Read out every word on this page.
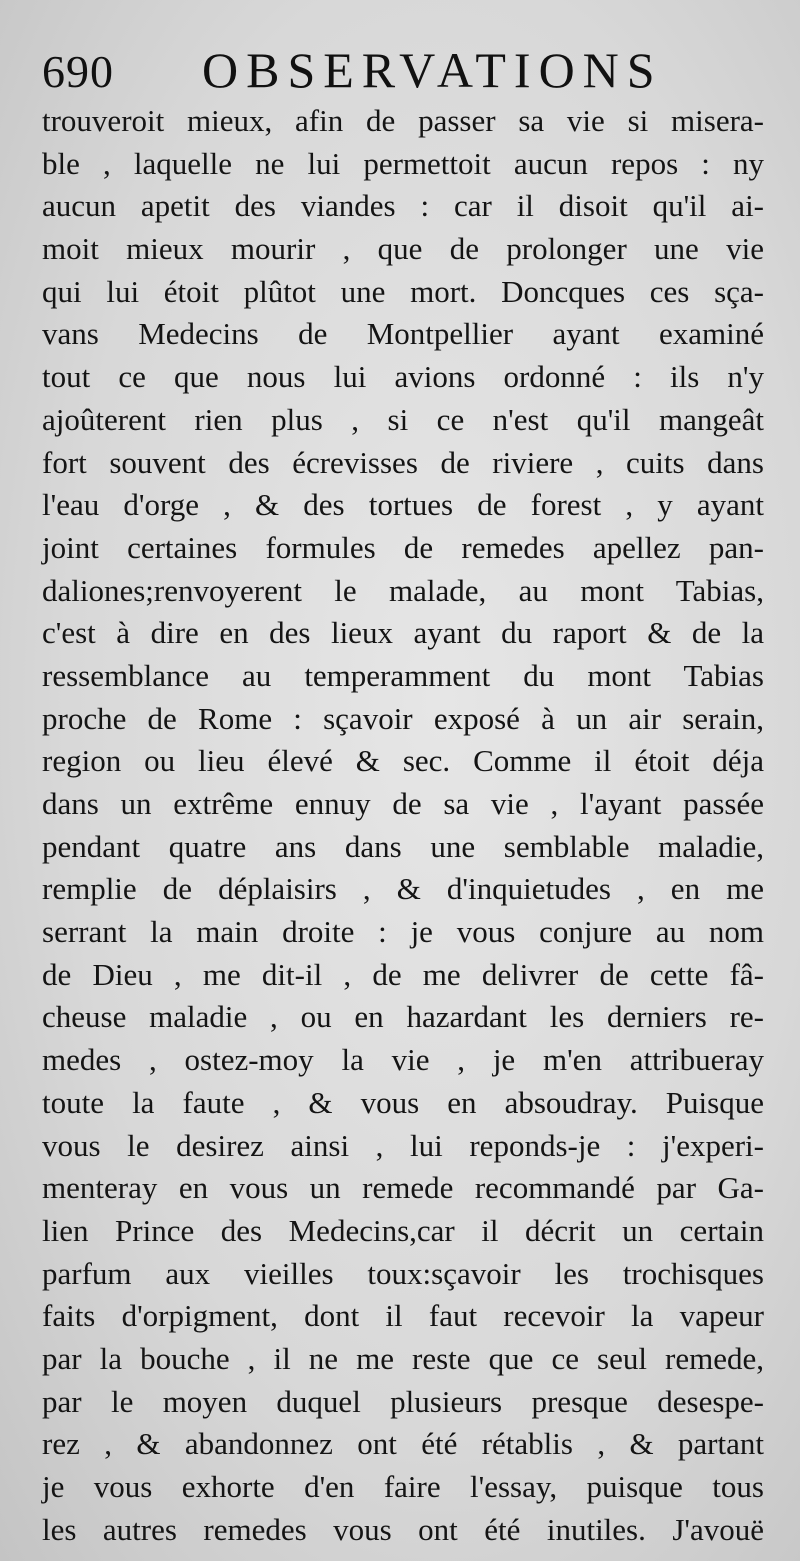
690 OBSERVATIONS
trouveroit mieux, afin de passer sa vie si misera-
ble , laquelle ne lui permettoit aucun repos : ny
aucun apetit des viandes : car il disoit qu'il ai-
moit mieux mourir , que de prolonger une vie
qui lui étoit plûtot une mort. Doncques ces sça-
vans Medecins de Montpellier ayant examiné
tout ce que nous lui avions ordonné : ils n'y
ajoûterent rien plus , si ce n'est qu'il mangeât
fort souvent des écrevisses de riviere , cuits dans
l'eau d'orge , & des tortues de forest , y ayant
joint certaines formules de remedes apellez pan-
daliones;renvoyerent le malade, au mont Tabias,
c'est à dire en des lieux ayant du raport & de la
ressemblance au temperamment du mont Tabias
proche de Rome : sçavoir exposé à un air serain,
region ou lieu élevé & sec. Comme il étoit déja
dans un extrême ennuy de sa vie , l'ayant passée
pendant quatre ans dans une semblable maladie,
remplie de déplaisirs , & d'inquietudes , en me
serrant la main droite : je vous conjure au nom
de Dieu , me dit-il , de me delivrer de cette fâ-
cheuse maladie , ou en hazardant les derniers re-
medes , ostez-moy la vie , je m'en attribueray
toute la faute , & vous en absoudray. Puisque
vous le desirez ainsi , lui reponds-je : j'experi-
menteray en vous un remede recommandé par Ga-
lien Prince des Medecins,car il décrit un certain
parfum aux vieilles toux:sçavoir les trochisques
faits d'orpigment, dont il faut recevoir la vapeur
par la bouche , il ne me reste que ce seul remede,
par le moyen duquel plusieurs presque desespe-
rez , & abandonnez ont été rétablis , & partant
je vous exhorte d'en faire l'essay, puisque tous
les autres remedes vous ont été inutiles. J'avouë
